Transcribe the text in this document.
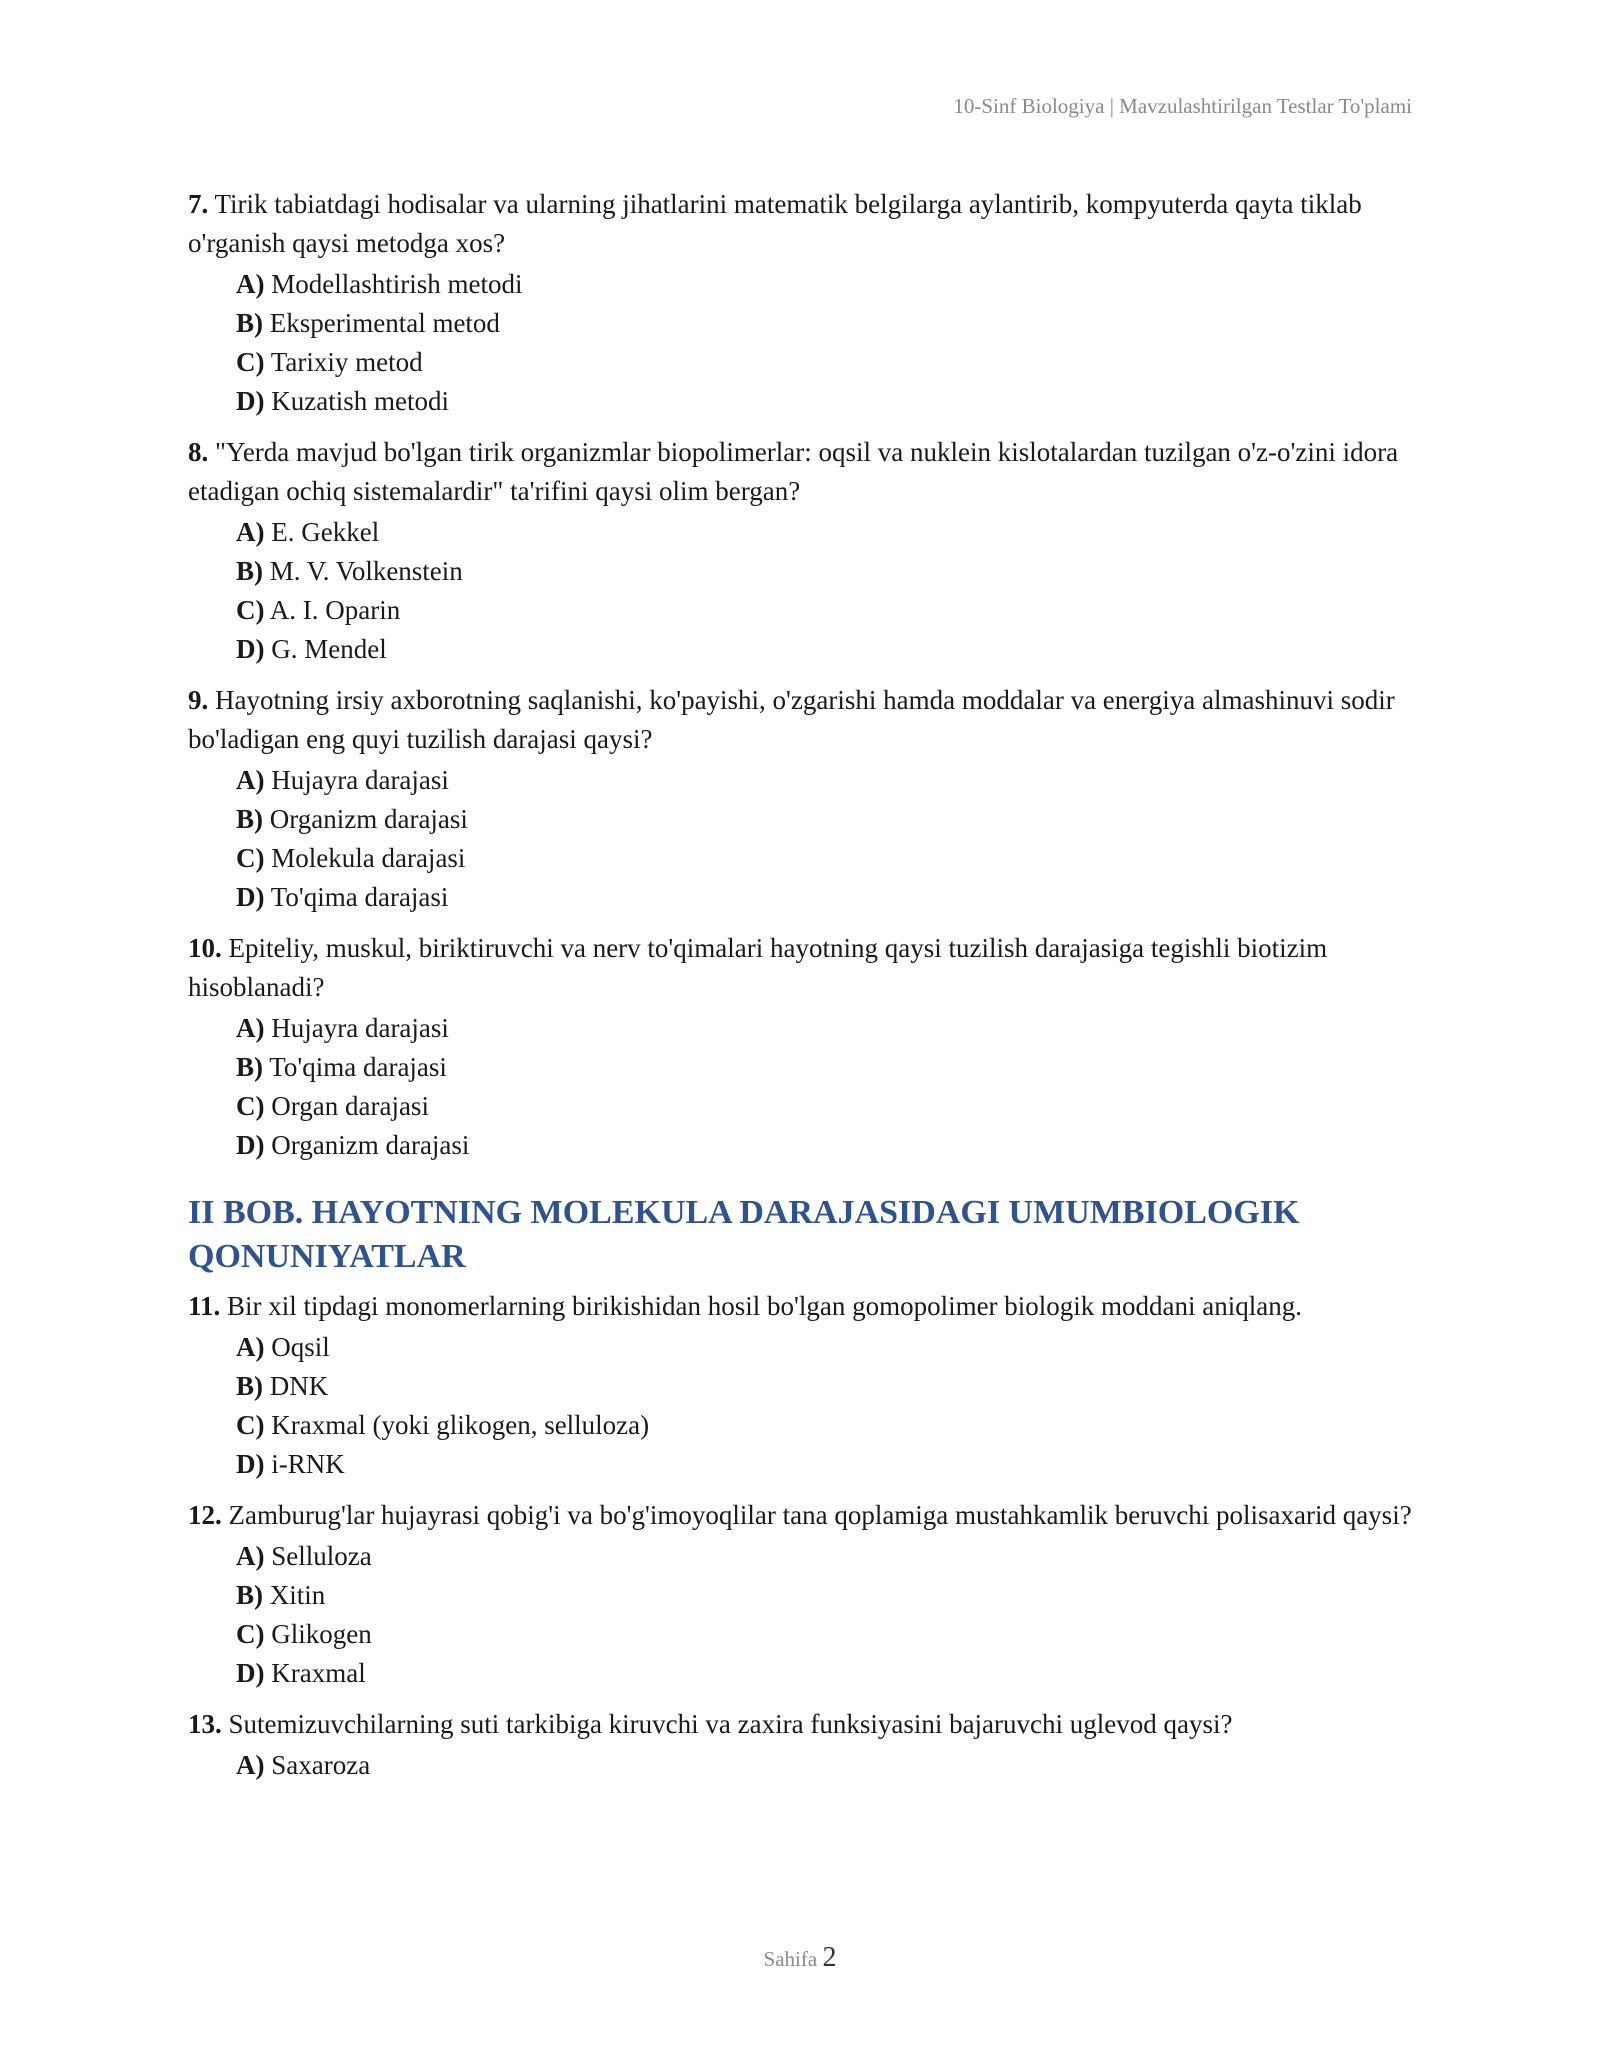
10-Sinf Biologiya | Mavzulashtirilgan Testlar To'plami

7. Tirik tabiatdagi hodisalar va ularning jihatlarini matematik belgilarga aylantirib, kompyuterda qayta tiklab o'rganish qaysi metodga xos?

A) Modellashtirish metodi
B) Eksperimental metod
C) Tarixiy metod
D) Kuzatish metodi

8. "Yerda mavjud bo'lgan tirik organizmlar biopolimerlar: oqsil va nuklein kislotalardan tuzilgan o'z-o'zini idora etadigan ochiq sistemalardir" ta'rifini qaysi olim bergan?

A) E. Gekkel
B) M. V. Volkenstein
C) A. I. Oparin
D) G. Mendel

9. Hayotning irsiy axborotning saqlanishi, ko'payishi, o'zgarishi hamda moddalar va energiya almashinuvi sodir bo'ladigan eng quyi tuzilish darajasi qaysi?

A) Hujayra darajasi
B) Organizm darajasi
C) Molekula darajasi
D) To'qima darajasi

10. Epiteliy, muskul, biriktiruvchi va nerv to'qimalari hayotning qaysi tuzilish darajasiga tegishli biotizim hisoblanadi?

A) Hujayra darajasi
B) To'qima darajasi
C) Organ darajasi
D) Organizm darajasi
II BOB. HAYOTNING MOLEKULA DARAJASIDAGI UMUMBIOLOGIK QONUNIYATLAR

11. Bir xil tipdagi monomerlarning birikishidan hosil bo'lgan gomopolimer biologik moddani aniqlang.

A) Oqsil
B) DNK
C) Kraxmal (yoki glikogen, selluloza)
D) i-RNK

12. Zamburug'lar hujayrasi qobig'i va bo'g'imoyoqlilar tana qoplamiga mustahkamlik beruvchi polisaxarid qaysi?

A) Selluloza
B) Xitin
C) Glikogen
D) Kraxmal

13. Sutemizuvchilarning suti tarkibiga kiruvchi va zaxira funksiyasini bajaruvchi uglevod qaysi?

A) Saxaroza
Sahifa 2
